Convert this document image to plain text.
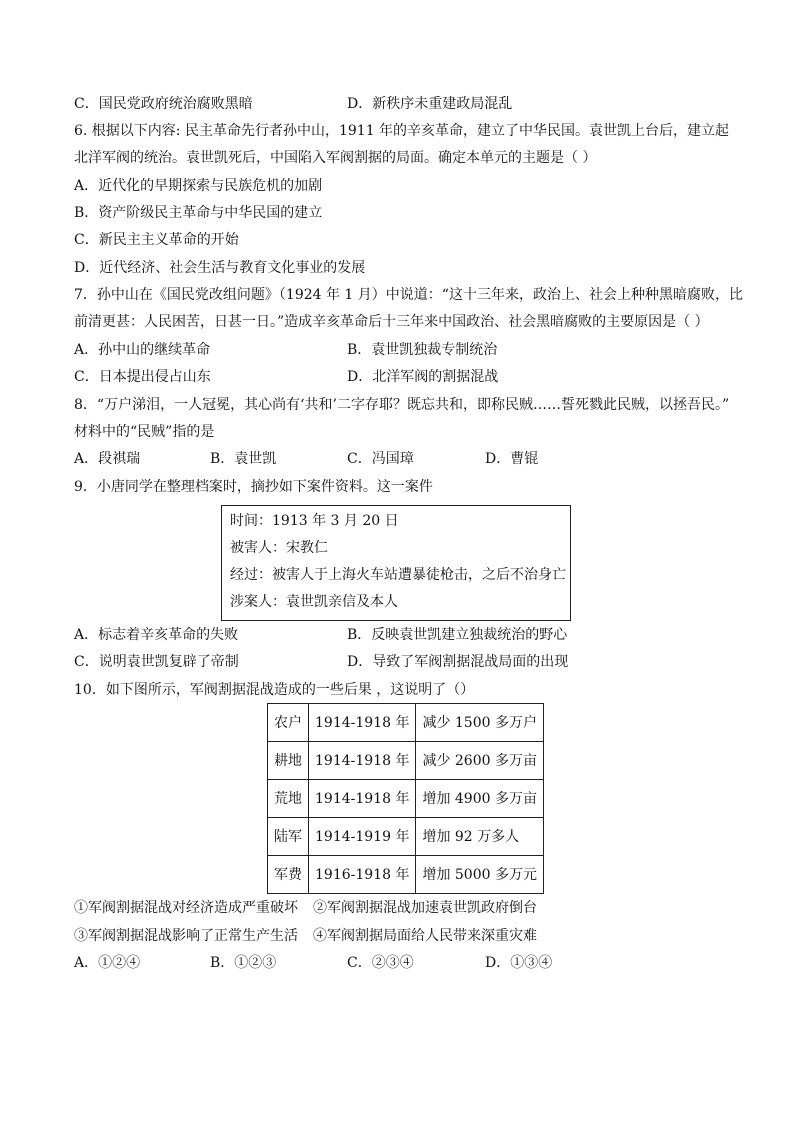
C．国民党政府统治腐败黑暗	D．新秩序未重建政局混乱
6. 根据以下内容: 民主革命先行者孙中山，1911 年的辛亥革命，建立了中华民国。袁世凯上台后，建立起
北洋军阀的统治。袁世凯死后，中国陷入军阀割据的局面。确定本单元的主题是（ ）
A．近代化的早期探索与民族危机的加剧
B．资产阶级民主革命与中华民国的建立
C．新民主主义革命的开始
D．近代经济、社会生活与教育文化事业的发展
7．孙中山在《国民党改组问题》（1924 年 1 月）中说道：“这十三年来，政治上、社会上种种黑暗腐败，比
前清更甚：人民困苦，日甚一日。”造成辛亥革命后十三年来中国政治、社会黑暗腐败的主要原因是（ ）
A．孙中山的继续革命	B．袁世凯独裁专制统治
C．日本提出侵占山东	D．北洋军阀的割据混战
8．“万户涕泪，一人冠冕，其心尚有‘共和’二字存耶？既忘共和，即称民贼……誓死戮此民贼，以拯吾民。”
材料中的“民贼”指的是
A．段祺瑞	B．袁世凯	C．冯国璋	D．曹锟
9．小唐同学在整理档案时，摘抄如下案件资料。这一案件
时间：1913 年 3 月 20 日
被害人：宋教仁
经过：被害人于上海火车站遭暴徒枪击，之后不治身亡
涉案人：袁世凯亲信及本人
A．标志着辛亥革命的失败	B．反映袁世凯建立独裁统治的野心
C．说明袁世凯复辟了帝制	D．导致了军阀割据混战局面的出现
10．如下图所示，军阀割据混战造成的一些后果 ，这说明了（）
农户	1914-1918 年	减少 1500 多万户
耕地	1914-1918 年	减少 2600 多万亩
荒地	1914-1918 年	增加 4900 多万亩
陆军	1914-1919 年	增加 92 万多人
军费	1916-1918 年	增加 5000 多万元
①军阀割据混战对经济造成严重破坏 ②军阀割据混战加速袁世凯政府倒台
③军阀割据混战影响了正常生产生活 ④军阀割据局面给人民带来深重灾难
A．①②④	B．①②③	C．②③④	D．①③④
